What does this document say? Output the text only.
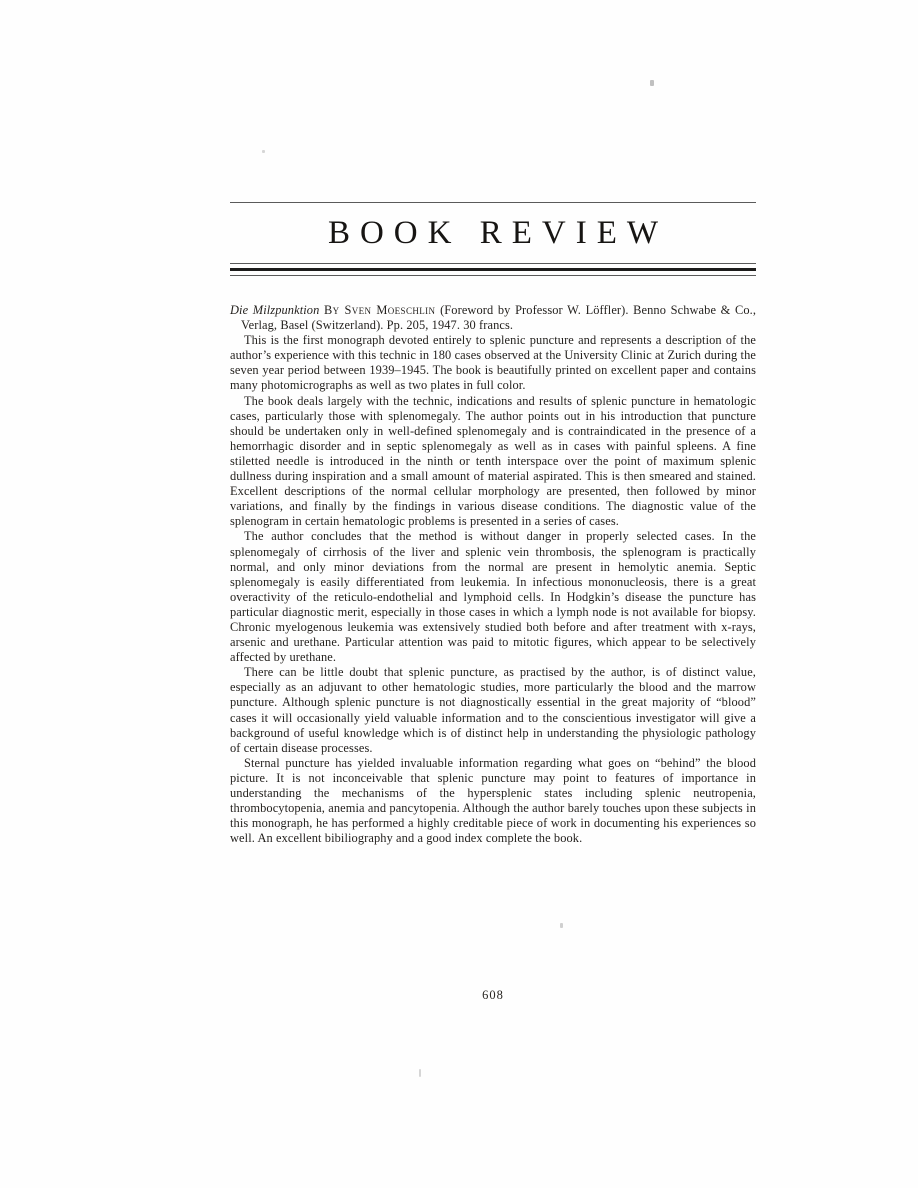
BOOK REVIEW

Die Milzpunktion By Sven Moeschlin (Foreword by Professor W. Löffler). Benno Schwabe & Co., Verlag, Basel (Switzerland). Pp. 205, 1947. 30 francs.

This is the first monograph devoted entirely to splenic puncture and represents a description of the author’s experience with this technic in 180 cases observed at the University Clinic at Zurich during the seven year period between 1939–1945. The book is beautifully printed on excellent paper and contains many photomicrographs as well as two plates in full color.

The book deals largely with the technic, indications and results of splenic puncture in hematologic cases, particularly those with splenomegaly. The author points out in his introduction that puncture should be undertaken only in well-defined splenomegaly and is contraindicated in the presence of a hemorrhagic disorder and in septic splenomegaly as well as in cases with painful spleens. A fine stiletted needle is introduced in the ninth or tenth interspace over the point of maximum splenic dullness during inspiration and a small amount of material aspirated. This is then smeared and stained. Excellent descriptions of the normal cellular morphology are presented, then followed by minor variations, and finally by the findings in various disease conditions. The diagnostic value of the splenogram in certain hematologic problems is presented in a series of cases.

The author concludes that the method is without danger in properly selected cases. In the splenomegaly of cirrhosis of the liver and splenic vein thrombosis, the splenogram is practically normal, and only minor deviations from the normal are present in hemolytic anemia. Septic splenomegaly is easily differentiated from leukemia. In infectious mononucleosis, there is a great overactivity of the reticulo-endothelial and lymphoid cells. In Hodgkin’s disease the puncture has particular diagnostic merit, especially in those cases in which a lymph node is not available for biopsy. Chronic myelogenous leukemia was extensively studied both before and after treatment with x-rays, arsenic and urethane. Particular attention was paid to mitotic figures, which appear to be selectively affected by urethane.

There can be little doubt that splenic puncture, as practised by the author, is of distinct value, especially as an adjuvant to other hematologic studies, more particularly the blood and the marrow puncture. Although splenic puncture is not diagnostically essential in the great majority of “blood” cases it will occasionally yield valuable information and to the conscientious investigator will give a background of useful knowledge which is of distinct help in understanding the physiologic pathology of certain disease processes.

Sternal puncture has yielded invaluable information regarding what goes on “behind” the blood picture. It is not inconceivable that splenic puncture may point to features of importance in understanding the mechanisms of the hypersplenic states including splenic neutropenia, thrombocytopenia, anemia and pancytopenia. Although the author barely touches upon these subjects in this monograph, he has performed a highly creditable piece of work in documenting his experiences so well. An excellent bibiliography and a good index complete the book.

608
